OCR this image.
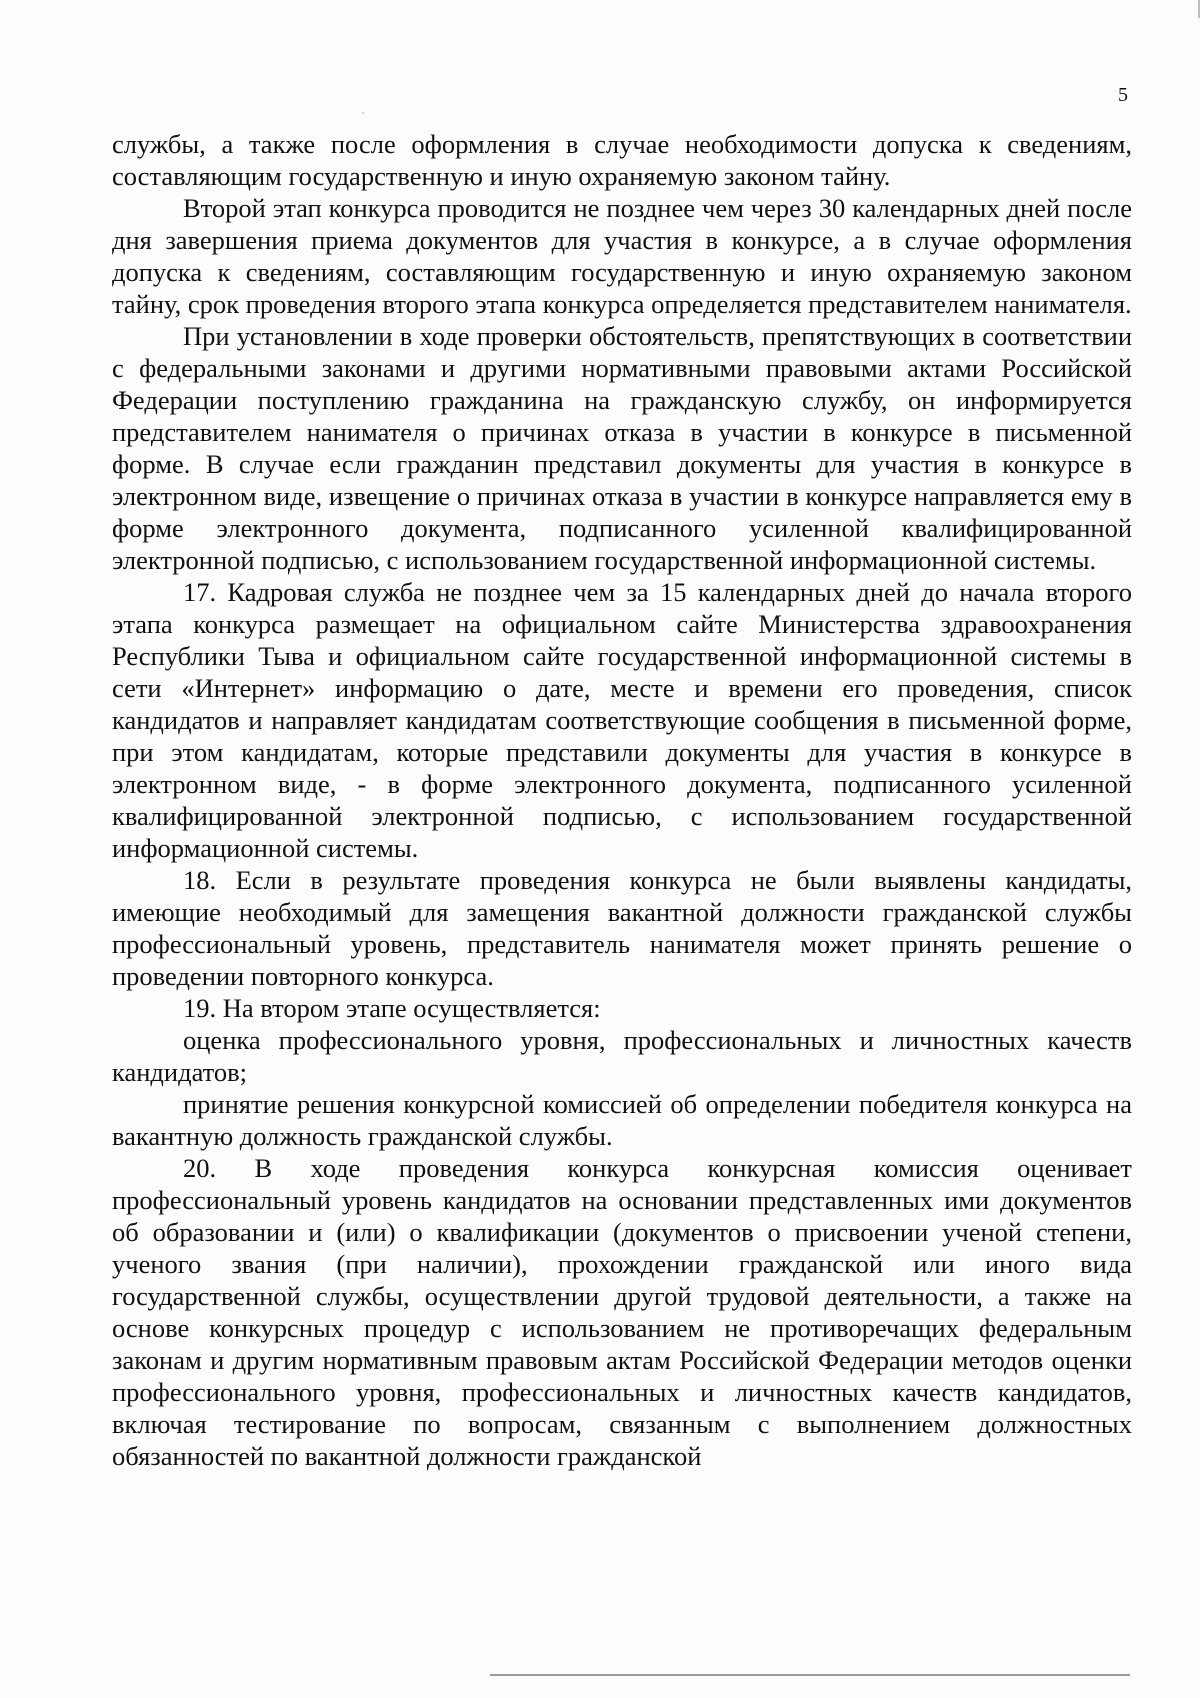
5

службы, а также после оформления в случае необходимости допуска к сведениям, составляющим государственную и иную охраняемую законом тайну.

Второй этап конкурса проводится не позднее чем через 30 календарных дней после дня завершения приема документов для участия в конкурсе, а в случае оформления допуска к сведениям, составляющим государственную и иную охраняемую законом тайну, срок проведения второго этапа конкурса определяется представителем нанимателя.

При установлении в ходе проверки обстоятельств, препятствующих в соответствии с федеральными законами и другими нормативными правовыми актами Российской Федерации поступлению гражданина на гражданскую службу, он информируется представителем нанимателя о причинах отказа в участии в конкурсе в письменной форме. В случае если гражданин представил документы для участия в конкурсе в электронном виде, извещение о причинах отказа в участии в конкурсе направляется ему в форме электронного документа, подписанного усиленной квалифицированной электронной подписью, с использованием государственной информационной системы.

17. Кадровая служба не позднее чем за 15 календарных дней до начала второго этапа конкурса размещает на официальном сайте Министерства здравоохранения Республики Тыва и официальном сайте государственной информационной системы в сети «Интернет» информацию о дате, месте и времени его проведения, список кандидатов и направляет кандидатам соответствующие сообщения в письменной форме, при этом кандидатам, которые представили документы для участия в конкурсе в электронном виде, - в форме электронного документа, подписанного усиленной квалифицированной электронной подписью, с использованием государственной информационной системы.

18. Если в результате проведения конкурса не были выявлены кандидаты, имеющие необходимый для замещения вакантной должности гражданской службы профессиональный уровень, представитель нанимателя может принять решение о проведении повторного конкурса.

19. На втором этапе осуществляется:

оценка профессионального уровня, профессиональных и личностных качеств кандидатов;

принятие решения конкурсной комиссией об определении победителя конкурса на вакантную должность гражданской службы.

20. В ходе проведения конкурса конкурсная комиссия оценивает профессиональный уровень кандидатов на основании представленных ими документов об образовании и (или) о квалификации (документов о присвоении ученой степени, ученого звания (при наличии), прохождении гражданской или иного вида государственной службы, осуществлении другой трудовой деятельности, а также на основе конкурсных процедур с использованием не противоречащих федеральным законам и другим нормативным правовым актам Российской Федерации методов оценки профессионального уровня, профессиональных и личностных качеств кандидатов, включая тестирование по вопросам, связанным с выполнением должностных обязанностей по вакантной должности гражданской
